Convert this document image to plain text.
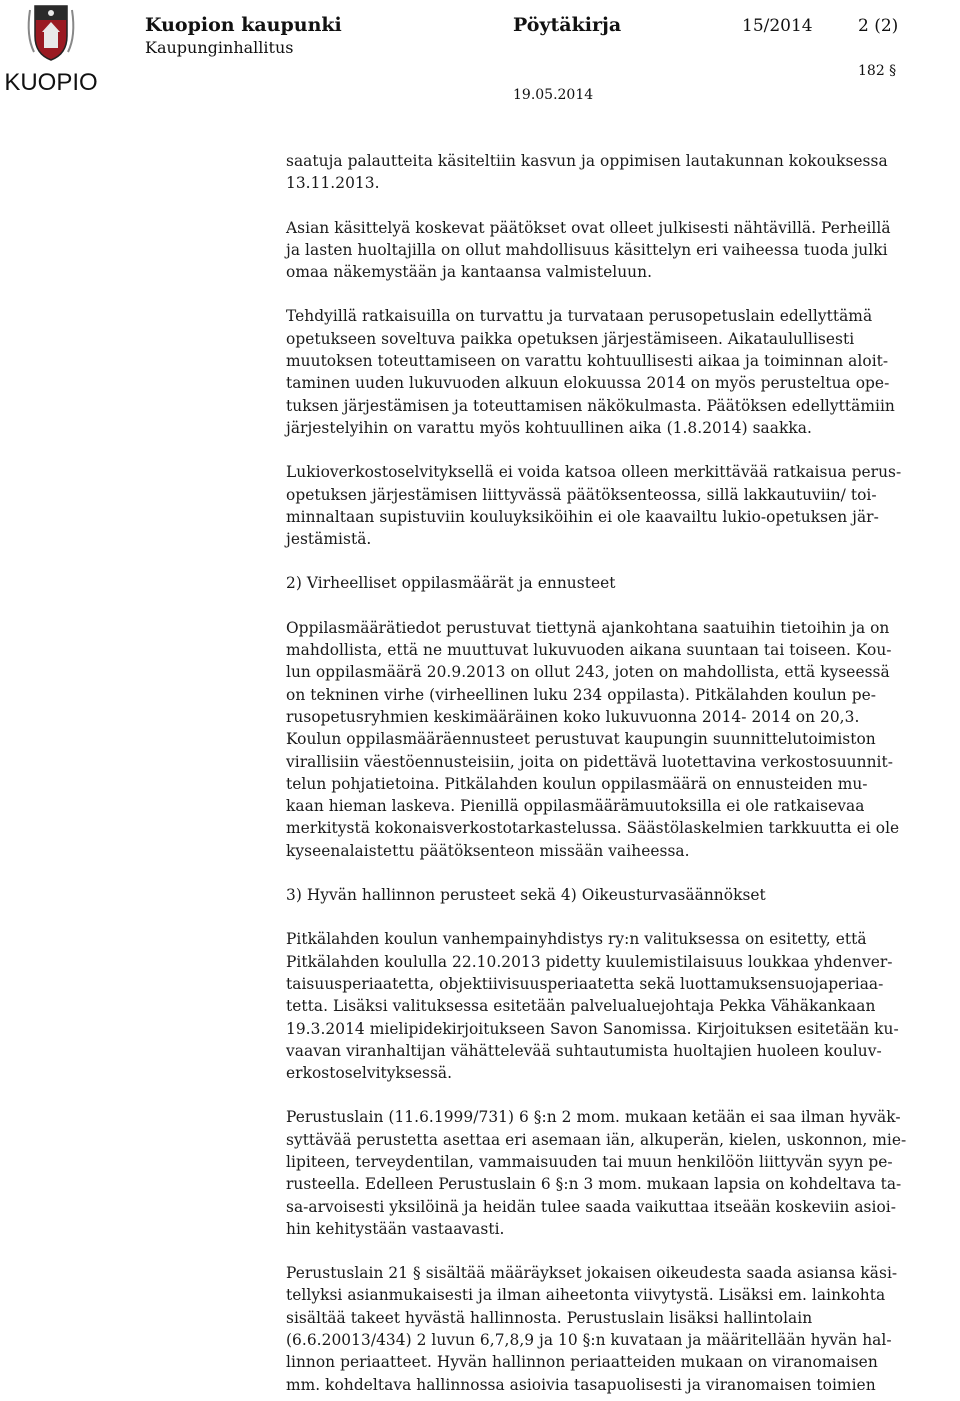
KUOPIO
Kuopion kaupunki
Kaupunginhallitus
Pöytäkirja	15/2014	2 (2)
182 §
19.05.2014
saatuja palautteita käsiteltiin kasvun ja oppimisen lautakunnan kokouksessa
13.11.2013.
Asian käsittelyä koskevat päätökset ovat olleet julkisesti nähtävillä. Perheillä
ja lasten huoltajilla on ollut mahdollisuus käsittelyn eri vaiheessa tuoda julki
omaa näkemystään ja kantaansa valmisteluun.
Tehdyillä ratkaisuilla on turvattu ja turvataan perusopetuslain edellyttämä
opetukseen soveltuva paikka opetuksen järjestämiseen. Aikataulullisesti
muutoksen toteuttamiseen on varattu kohtuullisesti aikaa ja toiminnan aloit-
taminen uuden lukuvuoden alkuun elokuussa 2014 on myös perusteltua ope-
tuksen järjestämisen ja toteuttamisen näkökulmasta. Päätöksen edellyttämiin
järjestelyihin on varattu myös kohtuullinen aika (1.8.2014) saakka.
Lukioverkostoselvityksellä ei voida katsoa olleen merkittävää ratkaisua perus-
opetuksen järjestämisen liittyvässä päätöksenteossa, sillä lakkautuviin/ toi-
minnaltaan supistuviin kouluyksiköihin ei ole kaavailtu lukio-opetuksen jär-
jestämistä.
2) Virheelliset oppilasmäärät ja ennusteet
Oppilasmäärätiedot perustuvat tiettynä ajankohtana saatuihin tietoihin ja on
mahdollista, että ne muuttuvat lukuvuoden aikana suuntaan tai toiseen. Kou-
lun oppilasmäärä 20.9.2013 on ollut 243, joten on mahdollista, että kyseessä
on tekninen virhe (virheellinen luku 234 oppilasta). Pitkälahden koulun pe-
rusopetusryhmien keskimääräinen koko lukuvuonna 2014- 2014 on 20,3.
Koulun oppilasmääräennusteet perustuvat kaupungin suunnittelutoimiston
virallisiin väestöennusteisiin, joita on pidettävä luotettavina verkostosuunnit-
telun pohjatietoina. Pitkälahden koulun oppilasmäärä on ennusteiden mu-
kaan hieman laskeva. Pienillä oppilasmäärämuutoksilla ei ole ratkaisevaa
merkitystä kokonaisverkostotarkastelussa. Säästölaskelmien tarkkuutta ei ole
kyseenalaistettu päätöksenteon missään vaiheessa.
3) Hyvän hallinnon perusteet sekä 4) Oikeusturvasäännökset
Pitkälahden koulun vanhempainyhdistys ry:n valituksessa on esitetty, että
Pitkälahden koululla 22.10.2013 pidetty kuulemistilaisuus loukkaa yhdenver-
taisuusperiaatetta, objektiivisuusperiaatetta sekä luottamuksensuojaperiaa-
tetta. Lisäksi valituksessa esitetään palvelualuejohtaja Pekka Vähäkankaan
19.3.2014 mielipidekirjoitukseen Savon Sanomissa. Kirjoituksen esitetään ku-
vaavan viranhaltijan vähättelevää suhtautumista huoltajien huoleen kouluv-
erkostoselvityksessä.
Perustuslain (11.6.1999/731) 6 §:n 2 mom. mukaan ketään ei saa ilman hyväk-
syttävää perustetta asettaa eri asemaan iän, alkuperän, kielen, uskonnon, mie-
lipiteen, terveydentilan, vammaisuuden tai muun henkilöön liittyvän syyn pe-
rusteella. Edelleen Perustuslain 6 §:n 3 mom. mukaan lapsia on kohdeltava ta-
sa-arvoisesti yksilöinä ja heidän tulee saada vaikuttaa itseään koskeviin asioi-
hin kehitystään vastaavasti.
Perustuslain 21 § sisältää määräykset jokaisen oikeudesta saada asiansa käsi-
tellyksi asianmukaisesti ja ilman aiheetonta viivytystä. Lisäksi em. lainkohta
sisältää takeet hyvästä hallinnosta. Perustuslain lisäksi hallintolain
(6.6.20013/434) 2 luvun 6,7,8,9 ja 10 §:n kuvataan ja määritellään hyvän hal-
linnon periaatteet. Hyvän hallinnon periaatteiden mukaan on viranomaisen
mm. kohdeltava hallinnossa asioivia tasapuolisesti ja viranomaisen toimien
